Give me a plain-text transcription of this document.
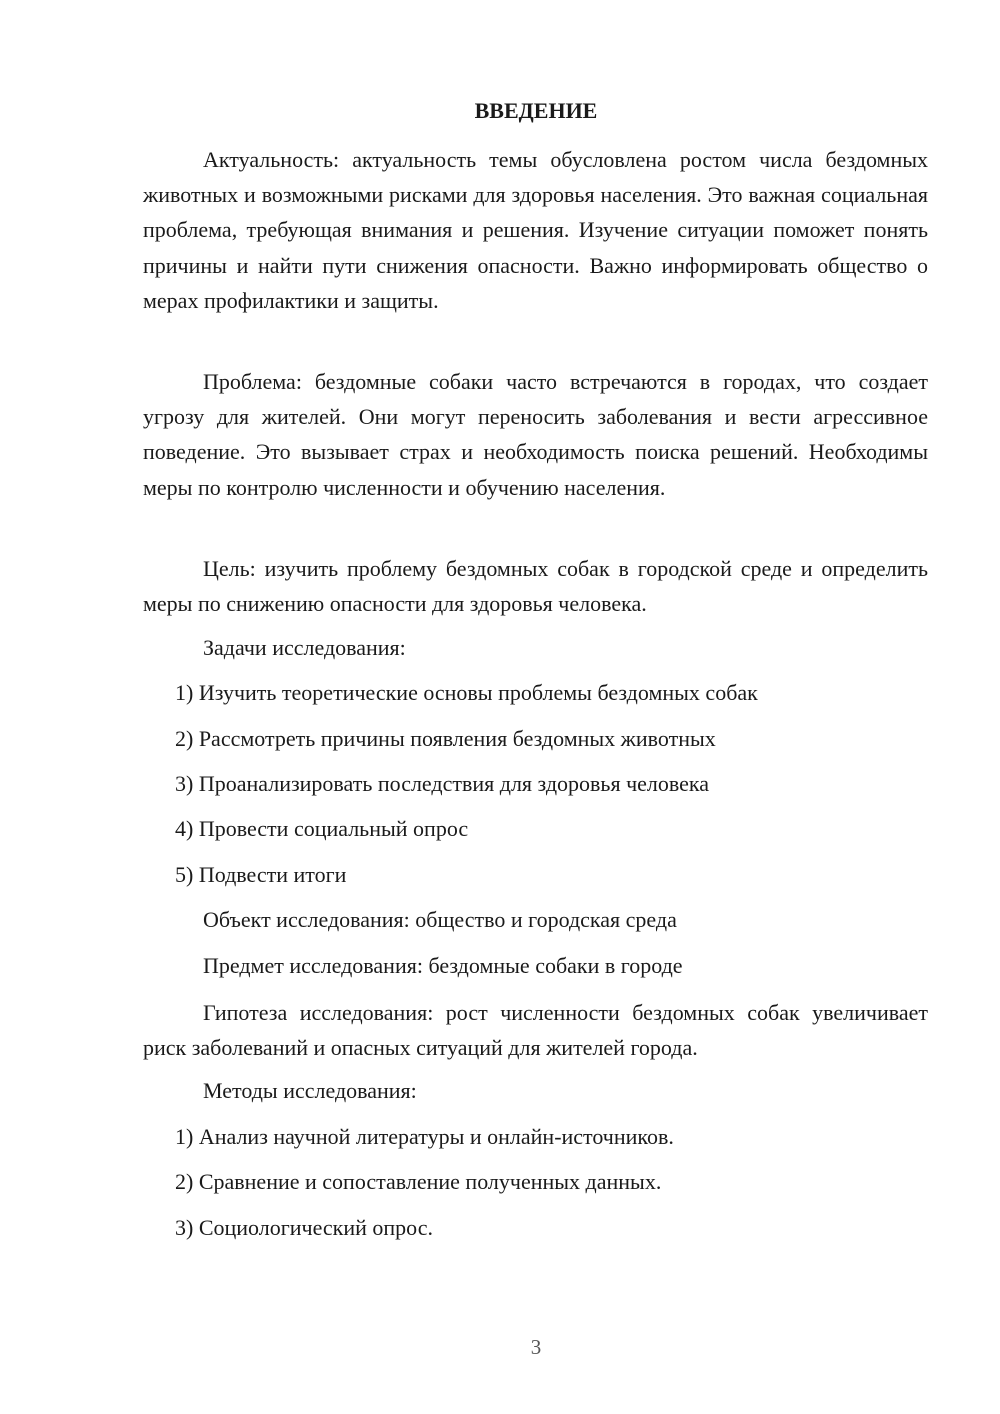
ВВЕДЕНИЕ

Актуальность: актуальность темы обусловлена ростом числа бездомных животных и возможными рисками для здоровья населения. Это важная социальная проблема, требующая внимания и решения. Изучение ситуации поможет понять причины и найти пути снижения опасности. Важно информировать общество о мерах профилактики и защиты.

Проблема: бездомные собаки часто встречаются в городах, что создает угрозу для жителей. Они могут переносить заболевания и вести агрессивное поведение. Это вызывает страх и необходимость поиска решений. Необходимы меры по контролю численности и обучению населения.

Цель: изучить проблему бездомных собак в городской среде и определить меры по снижению опасности для здоровья человека.

Задачи исследования:

1) Изучить теоретические основы проблемы бездомных собак

2) Рассмотреть причины появления бездомных животных

3) Проанализировать последствия для здоровья человека

4) Провести социальный опрос

5) Подвести итоги

Объект исследования: общество и городская среда

Предмет исследования: бездомные собаки в городе

Гипотеза исследования: рост численности бездомных собак увеличивает риск заболеваний и опасных ситуаций для жителей города.

Методы исследования:

1) Анализ научной литературы и онлайн-источников.

2) Сравнение и сопоставление полученных данных.

3) Социологический опрос.

3
